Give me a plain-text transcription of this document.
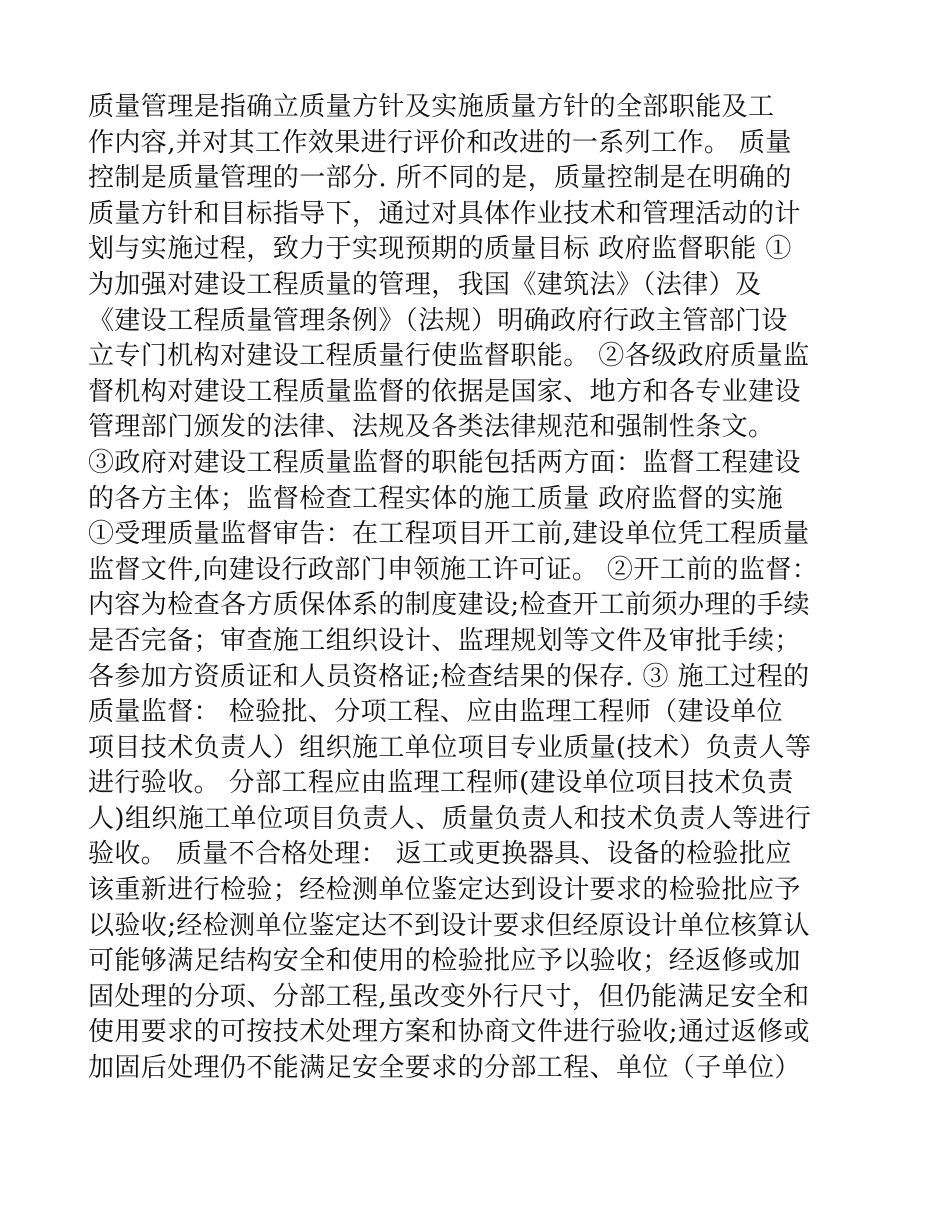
质量管理是指确立质量方针及实施质量方针的全部职能及工
作内容,并对其工作效果进行评价和改进的一系列工作。 质量
控制是质量管理的一部分. 所不同的是，质量控制是在明确的
质量方针和目标指导下，通过对具体作业技术和管理活动的计
划与实施过程，致力于实现预期的质量目标 政府监督职能 ①
为加强对建设工程质量的管理，我国《建筑法》（法律）及
《建设工程质量管理条例》（法规）明确政府行政主管部门设
立专门机构对建设工程质量行使监督职能。 ②各级政府质量监
督机构对建设工程质量监督的依据是国家、地方和各专业建设
管理部门颁发的法律、法规及各类法律规范和强制性条文。
③政府对建设工程质量监督的职能包括两方面：监督工程建设
的各方主体；监督检查工程实体的施工质量 政府监督的实施
①受理质量监督审告：在工程项目开工前,建设单位凭工程质量
监督文件,向建设行政部门申领施工许可证。 ②开工前的监督：
内容为检查各方质保体系的制度建设;检查开工前须办理的手续
是否完备；审查施工组织设计、监理规划等文件及审批手续；
各参加方资质证和人员资格证;检查结果的保存. ③ 施工过程的
质量监督： 检验批、分项工程、应由监理工程师（建设单位
项目技术负责人）组织施工单位项目专业质量(技术）负责人等
进行验收。 分部工程应由监理工程师(建设单位项目技术负责
人)组织施工单位项目负责人、质量负责人和技术负责人等进行
验收。 质量不合格处理： 返工或更换器具、设备的检验批应
该重新进行检验；经检测单位鉴定达到设计要求的检验批应予
以验收;经检测单位鉴定达不到设计要求但经原设计单位核算认
可能够满足结构安全和使用的检验批应予以验收；经返修或加
固处理的分项、分部工程,虽改变外行尺寸，但仍能满足安全和
使用要求的可按技术处理方案和协商文件进行验收;通过返修或
加固后处理仍不能满足安全要求的分部工程、单位（子单位）
